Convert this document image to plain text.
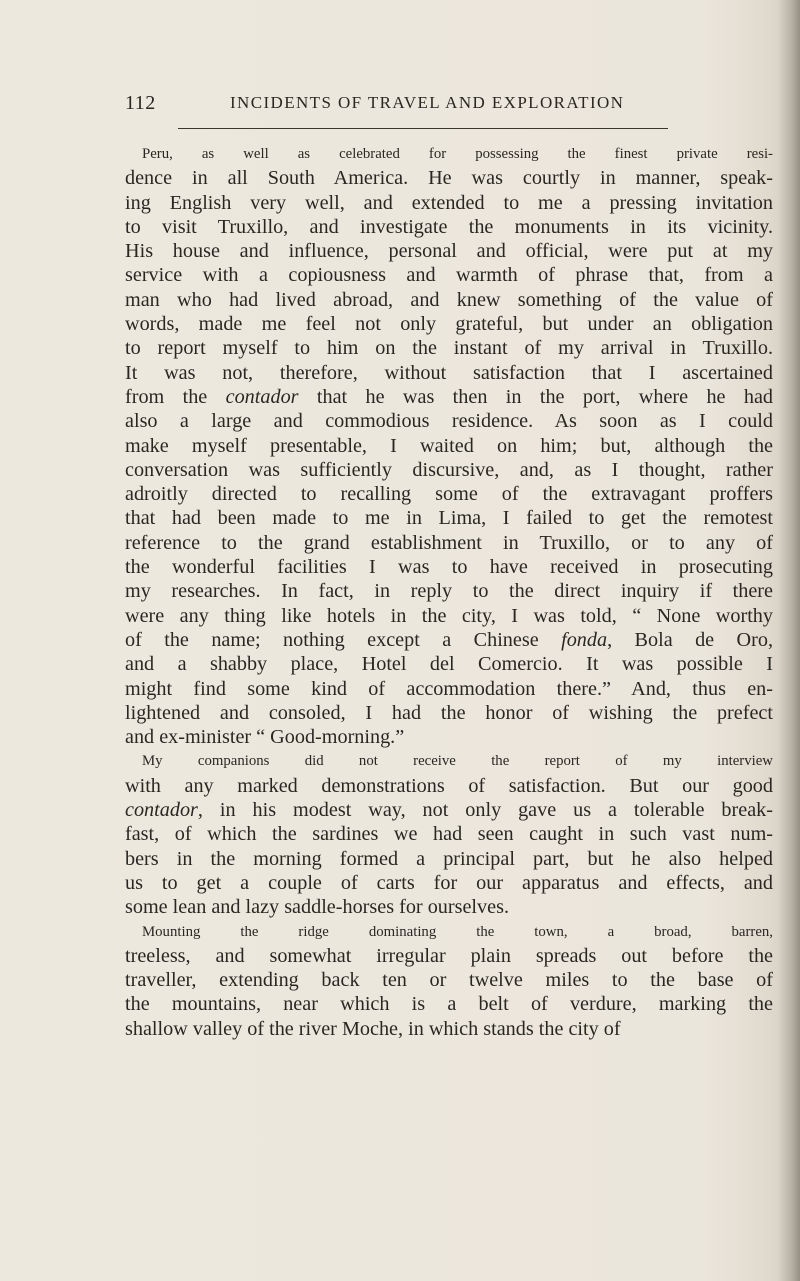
112	INCIDENTS OF TRAVEL AND EXPLORATION
Peru, as well as celebrated for possessing the finest private resi-
dence in all South America. He was courtly in manner, speak-
ing English very well, and extended to me a pressing invitation
to visit Truxillo, and investigate the monuments in its vicinity.
His house and influence, personal and official, were put at my
service with a copiousness and warmth of phrase that, from a
man who had lived abroad, and knew something of the value of
words, made me feel not only grateful, but under an obligation
to report myself to him on the instant of my arrival in Truxillo.
It was not, therefore, without satisfaction that I ascertained
from the contador that he was then in the port, where he had
also a large and commodious residence. As soon as I could
make myself presentable, I waited on him; but, although the
conversation was sufficiently discursive, and, as I thought, rather
adroitly directed to recalling some of the extravagant proffers
that had been made to me in Lima, I failed to get the remotest
reference to the grand establishment in Truxillo, or to any of
the wonderful facilities I was to have received in prosecuting
my researches. In fact, in reply to the direct inquiry if there
were any thing like hotels in the city, I was told, “ None worthy
of the name; nothing except a Chinese fonda, Bola de Oro,
and a shabby place, Hotel del Comercio. It was possible I
might find some kind of accommodation there.” And, thus en-
lightened and consoled, I had the honor of wishing the prefect
and ex-minister “ Good-morning.”
My companions did not receive the report of my interview
with any marked demonstrations of satisfaction. But our good
contador, in his modest way, not only gave us a tolerable break-
fast, of which the sardines we had seen caught in such vast num-
bers in the morning formed a principal part, but he also helped
us to get a couple of carts for our apparatus and effects, and
some lean and lazy saddle-horses for ourselves.
Mounting the ridge dominating the town, a broad, barren,
treeless, and somewhat irregular plain spreads out before the
traveller, extending back ten or twelve miles to the base of
the mountains, near which is a belt of verdure, marking the
shallow valley of the river Moche, in which stands the city of
